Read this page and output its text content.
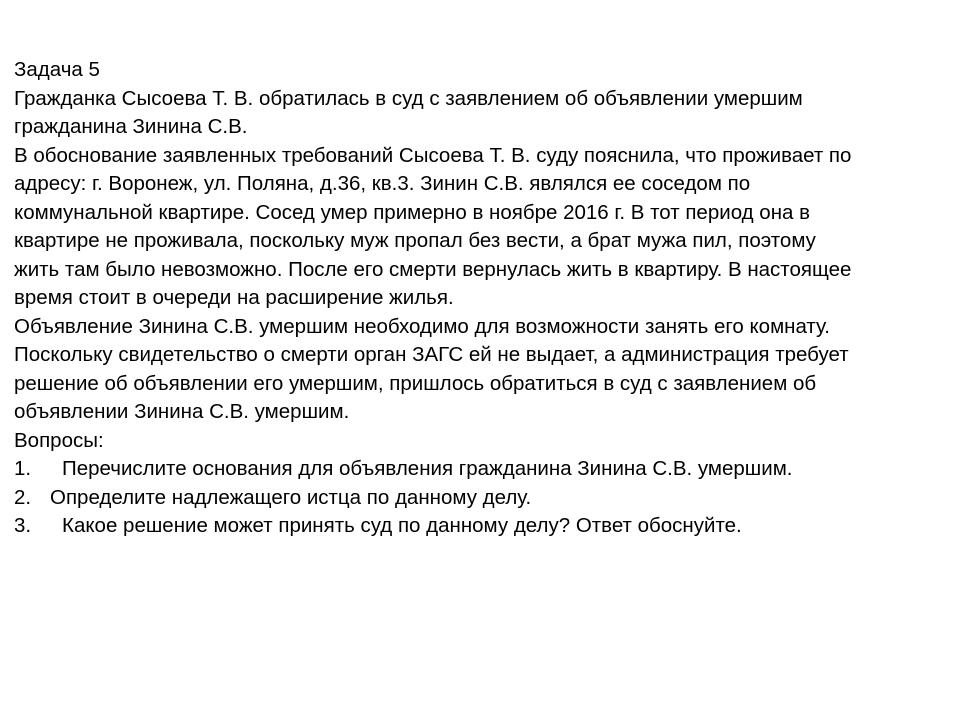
Задача 5
Гражданка Сысоева Т. В. обратилась в суд с заявлением об объявлении умершим
гражданина Зинина С.В.
В обоснование заявленных требований Сысоева Т. В. суду пояснила, что проживает по
адресу: г. Воронеж, ул. Поляна, д.36, кв.3. Зинин С.В. являлся ее соседом по
коммунальной квартире. Сосед умер примерно в ноябре 2016 г. В тот период она в
квартире не проживала, поскольку муж пропал без вести, а брат мужа пил, поэтому
жить там было невозможно. После его смерти вернулась жить в квартиру. В настоящее
время стоит в очереди на расширение жилья.
Объявление Зинина С.В. умершим необходимо для возможности занять его комнату.
Поскольку свидетельство о смерти орган ЗАГС ей не выдает, а администрация требует
решение об объявлении его умершим, пришлось обратиться в суд с заявлением об
объявлении Зинина С.В. умершим.
Вопросы:
1. Перечислите основания для объявления гражданина Зинина С.В. умершим.
2. Определите надлежащего истца по данному делу.
3. Какое решение может принять суд по данному делу? Ответ обоснуйте.
